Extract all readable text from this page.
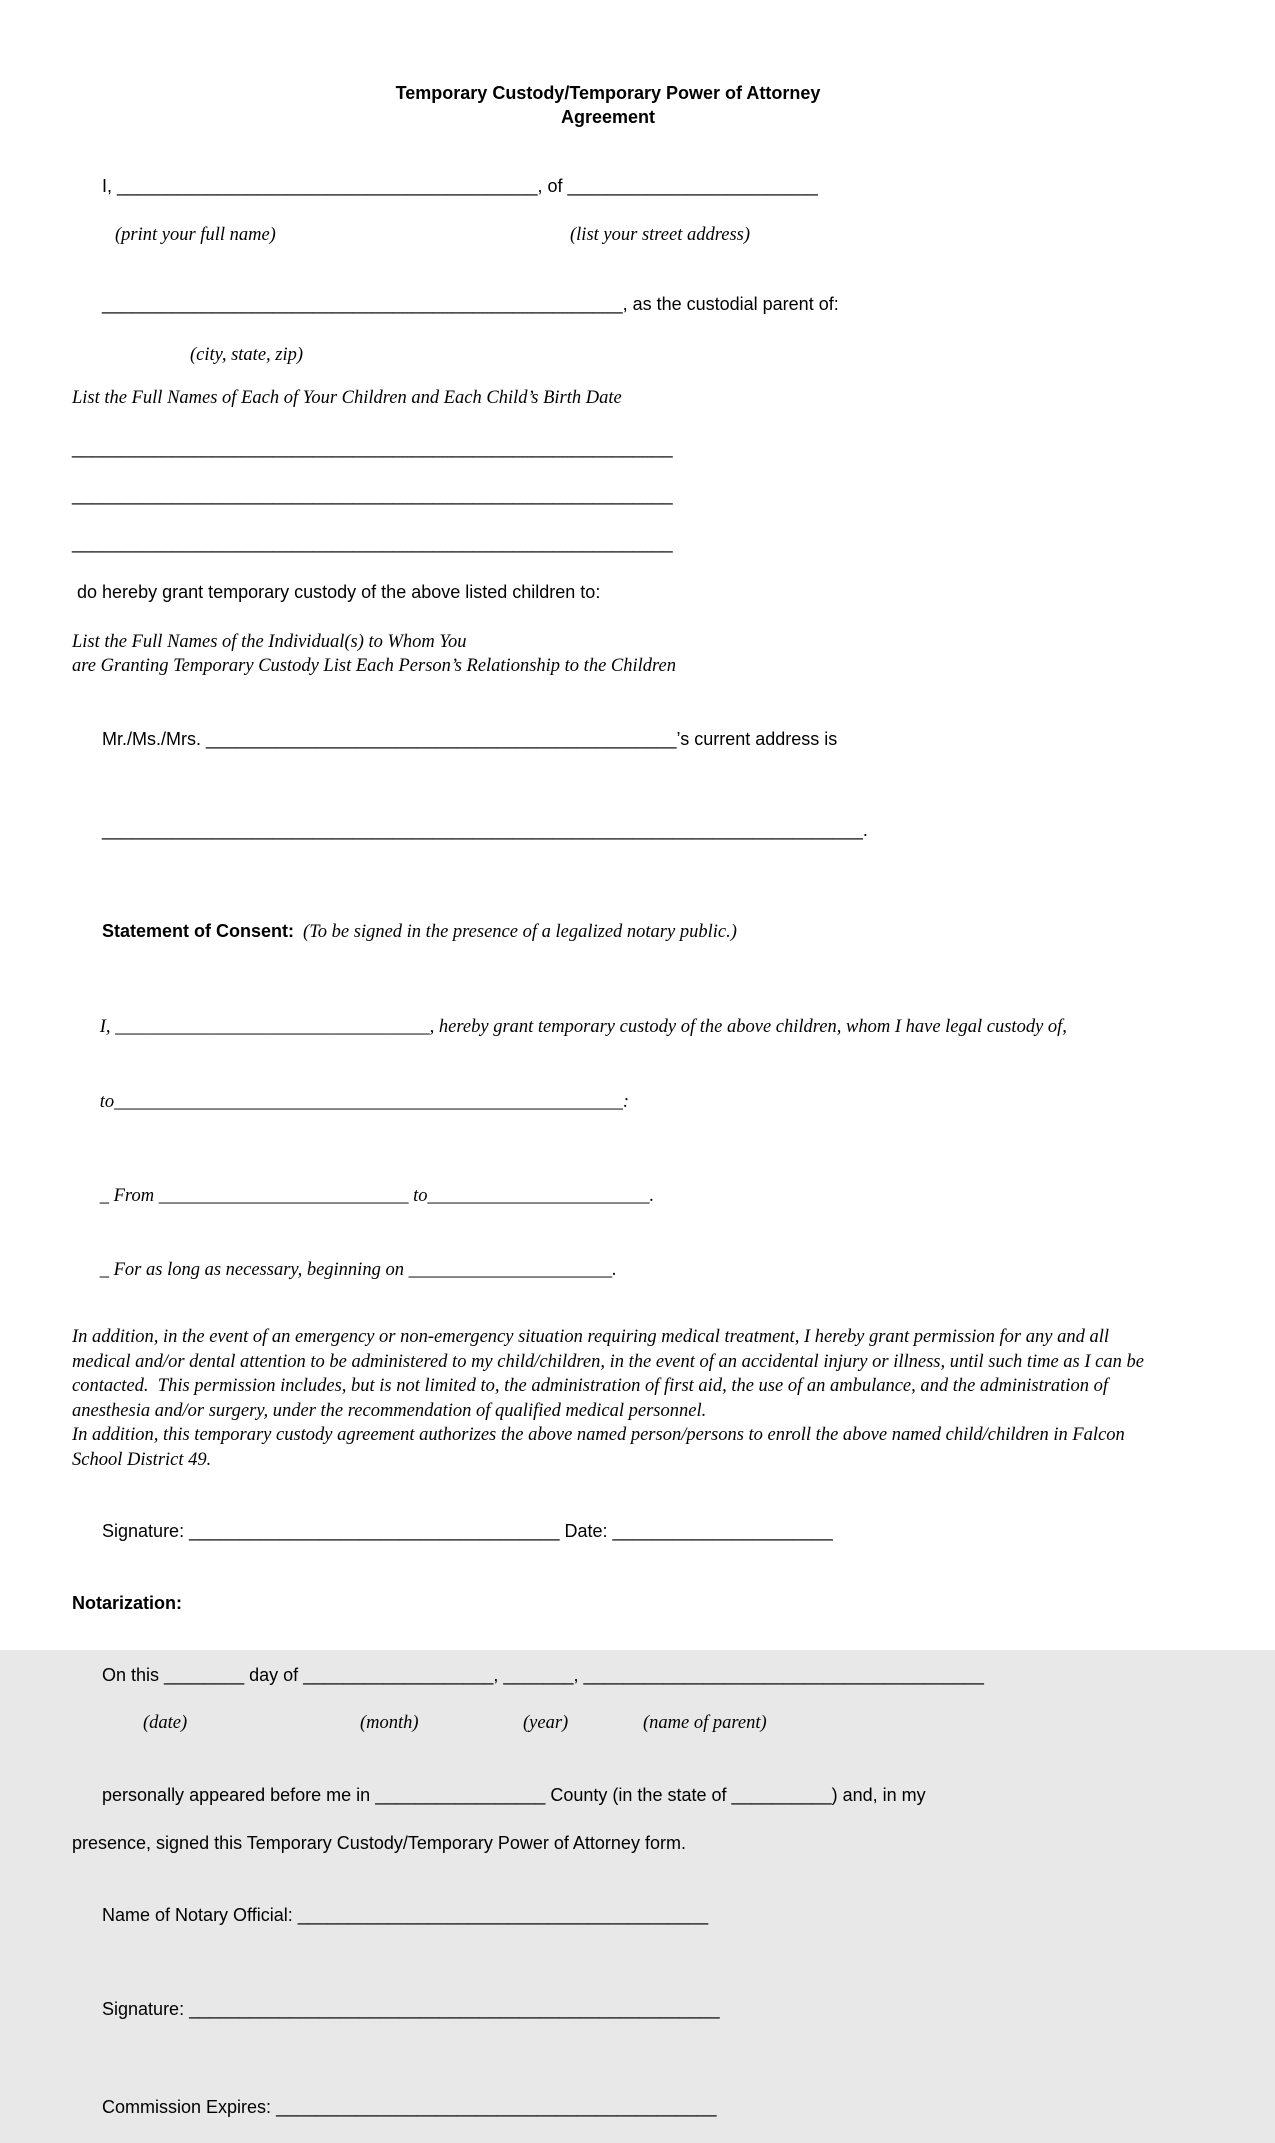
Temporary Custody/Temporary Power of Attorney
Agreement

I, __________________________________________, of _________________________

(print your full name)	(list your street address)

____________________________________________________, as the custodial parent of:

(city, state, zip)
List the Full Names of Each of Your Children and Each Child’s Birth Date
____________________________________________________________
____________________________________________________________
____________________________________________________________
do hereby grant temporary custody of the above listed children to:
List the Full Names of the Individual(s) to Whom You
are Granting Temporary Custody List Each Person’s Relationship to the Children

Mr./Ms./Mrs. _______________________________________________’s current address is

____________________________________________________________________________.

Statement of Consent: (To be signed in the presence of a legalized notary public.)

I, __________________________________, hereby grant temporary custody of the above children, whom I have legal custody of,

to_______________________________________________________:

_ From ___________________________ to________________________.

_ For as long as necessary, beginning on ______________________.

In addition, in the event of an emergency or non-emergency situation requiring medical treatment, I hereby grant permission for any and all medical and/or dental attention to be administered to my child/children, in the event of an accidental injury or illness, until such time as I can be contacted.  This permission includes, but is not limited to, the administration of first aid, the use of an ambulance, and the administration of anesthesia and/or surgery, under the recommendation of qualified medical personnel.
In addition, this temporary custody agreement authorizes the above named person/persons to enroll the above named child/children in Falcon School District 49.

Signature: _____________________________________ Date: ______________________

Notarization:

On this ________ day of ___________________, _______, ________________________________________

(date)	(month)	(year)	(name of parent)

personally appeared before me in _________________ County (in the state of __________) and, in my

presence, signed this Temporary Custody/Temporary Power of Attorney form.

Name of Notary Official: _________________________________________

Signature: _____________________________________________________

Commission Expires: ____________________________________________
